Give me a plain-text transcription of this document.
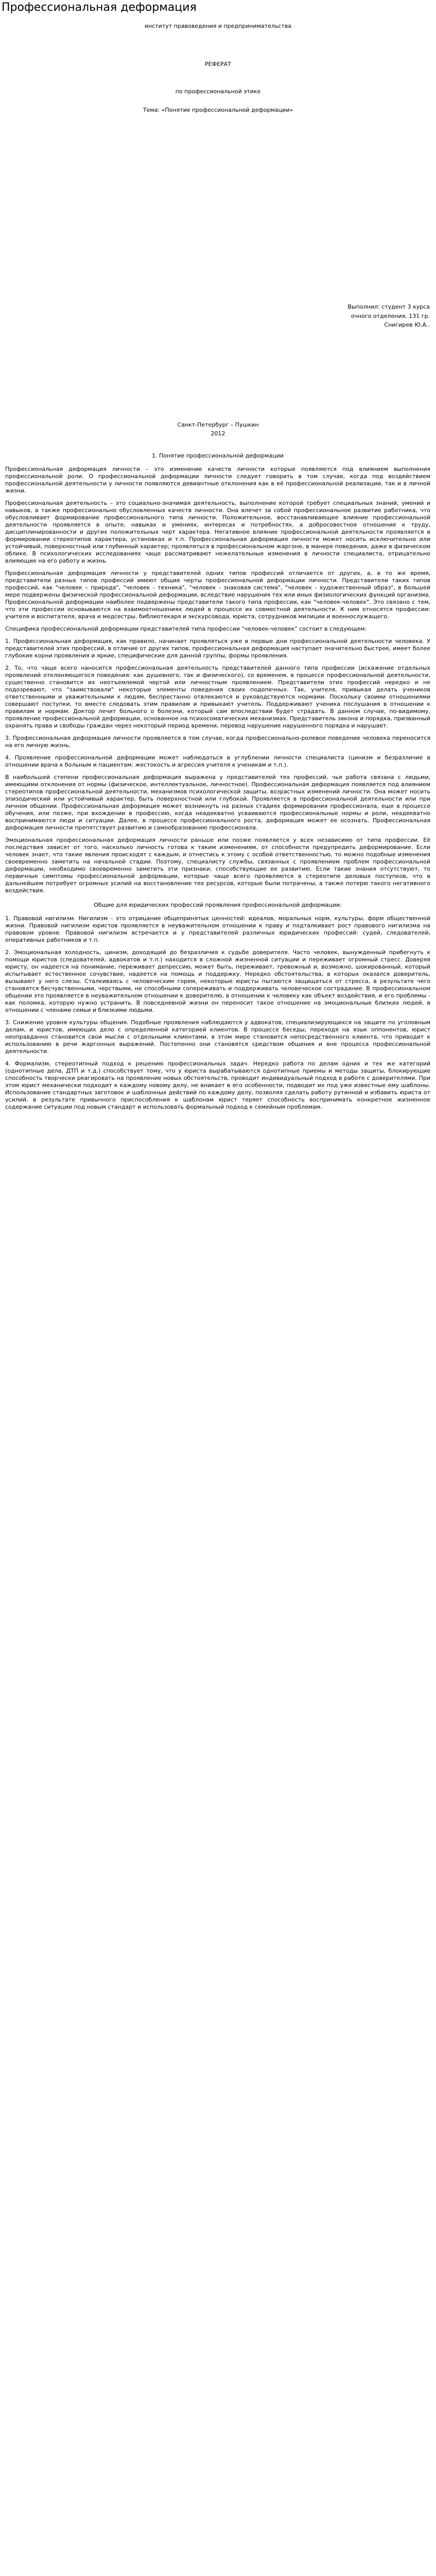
Профессиональная деформация
институт правоведения и предпринимательства
РЕФЕРАТ
по профессиональной этике
Тема: «Понятие профессиональной деформации»
Выполнил: студент 3 курса
очного отделения, 131 гр.
Снигирев Ю.А..
Санкт-Петербург – Пушкин
2012
1. Понятие профессиональной деформации

Профессиональная деформация личности – это изменение качеств личности которые появляются под влиянием выполнения профессиональной роли. О профессиональной деформации личности следует говорить в том случае, когда под воздействием профессиональной деятельности у личности появляются девиантные отклонения как в её профессиональной реализации, так и в личной жизни.

Профессиональная деятельность – это социально-значимая деятельность, выполнение которой требует специальных знаний, умений и навыков, а также профессионально обусловленных качеств личности. Она влечет за собой профессиональное развитие работника, что обусловливает формирование профессионального типа личности. Положительное, восстанавливающее влияние профессиональной деятельности проявляется в опыте, навыках и умениях, интересах и потребностях, а добросовестное отношение к труду, дисциплинированности и других положительных черт характера. Негативное влияние профессиональной деятельности проявляется в формировании стереотипов характера, установках и т.п. Профессиональная деформация личности может носить исключительно или устойчивый, поверхностный или глубинный характер; проявляться в профессиональном жаргоне, в манере поведения, даже в физическом облике. В психологических исследованиях чаще рассматривают нежелательные изменения в личности специалиста, отрицательно влияющие на его работу и жизнь.

Профессиональная деформация личности у представителей одних типов профессий отличается от других, а, в то же время, представители разных типов профессий имеют общие черты профессиональной деформации личности. Представители таких типов профессий, как "человек – природа", "человек - техника", "человек - знаковая система", "человек - художественный образ", в большей мере подвержены физической профессиональной деформации, вследствие нарушения тех или иных физиологических функций организма. Профессиональной деформации наиболее подвержены представители такого типа профессии, как "человек-человек". Это связано с тем, что эти профессии основываются на взаимоотношениях людей в процессе их совместной деятельности. К ним относятся профессии: учителя и воспитателя, врача и медсестры, библиотекаря и экскурсовода, юриста, сотрудников милиции и военнослужащего.

Специфика профессиональной деформации представителей типа профессии "человек-человек" состоит в следующем:

1. Профессиональная деформация, как правило, начинает проявляться уже в первые дни профессиональной деятельности человека. У представителей этих профессий, в отличие от других типов, профессиональная деформация наступает значительно быстрее, имеет более глубокие корни проявления и яркие, специфические для данной группы, формы проявления.

2. То, что чаще всего наносится профессиональная деятельность представителей данного типа профессии (искажение отдельных проявлений отклоняющегося поведения: как душевного, так и физического), со временем, в процессе профессиональной деятельности, существенно становится их неотъемлемой чертой или личностным проявлением. Представители этих профессий нередко и не подозревают, что "заимствовали" некоторые элементы поведения своих подопечных. Так, учителя, привыкая делать учеников ответственными и уважительными к людям, беспрестанно отвлекаются и руководствуются нормами. Поскольку своими отношениями совершают поступки, то вместе следовать этим правилам и привыкают учитель. Поддерживают ученика послушания в отношении к правилам и нормам. Доктор лечит больного о болезни, который сам впоследствии будет страдать. В данном случае, по-видимому, проявление профессиональной деформации, основанное на психосоматических механизмах. Представитель закона и порядка, призванный охранять права и свободы граждан через некоторый период времени, перевод нарушение нарушенного порядка и нарушает.

3. Профессиональная деформация личности проявляется в том случае, когда профессионально-ролевое поведение человека переносится на его личную жизнь.

4. Проявление профессиональной деформации может наблюдаться в углублении личности специалиста (цинизм и безразличие в отношении врача к больным и пациентам; жестокость и агрессия учителя к ученикам и т.п.).

В наибольшей степени профессиональная деформация выражена у представителей тех профессий, чья работа связана с людьми, имеющими отклонения от нормы (физическое, интеллектуальное, личностное). Профессиональная деформация появляется под влиянием стереотипов профессиональной деятельности, механизмов психологической защиты, возрастных изменений личности. Она может носить эпизодический или устойчивый характер, быть поверхностной или глубокой. Проявляется в профессиональной деятельности или при личном общении. Профессиональная деформация может возникнуть на разных стадиях формирования профессионала, еще в процессе обучения, или позже, при вхождении в профессию, когда неадекватно усваиваются профессиональные нормы и роли, неадекватно воспринимаются люди и ситуации. Далее, в процессе профессионального роста, деформация может ее осознать. Профессиональная деформация личности препятствует развитию и самообразованию профессионала.

Эмоциональная профессиональная деформация личности раньше или позже появляется у всех независимо от типа профессии. Её последствия зависят от того, насколько личность готова к таким изменениям, от способности предупредить деформирование. Если человек знает, что такие явления происходят с каждым, и отнестись к этому с особой ответственностью, то можно подобные изменения своевременно заметить на начальной стадии. Поэтому, специалисту службы, связанных с проявлением проблем профессиональной деформации, необходимо своевременно заметить эти признаки, способствующие ее развитию. Если такие знания отсутствуют, то первичные симптомы профессиональной деформации, которые чаще всего проявляются в стереотипе деловых поступков, что в дальнейшем потребует огромных усилий на восстановление тех ресурсов, которые были потрачены, а также потерю такого негативного воздействия.

Общие для юридических профессий проявления профессиональной деформации:

1. Правовой нигилизм. Нигилизм - это отрицание общепринятых ценностей: идеалов, моральных норм, культуры, форм общественной жизни. Правовой нигилизм юристов проявляется в неуважительном отношении к праву и подталкивает рост правового нигилизма на правовом уровне. Правовой нигилизм встречается и у представителей различных юридических профессий: судей, следователей, оперативных работников и т.п.

2. Эмоциональная холодность, цинизм, доходящий до безразличия к судьбе доверителя. Часто человек, вынужденный прибегнуть к помощи юристов (следователей, адвокатов и т.п.) находится в сложной жизненной ситуации и переживает огромный стресс. Доверяя юристу, он надеется на понимание, переживает депрессию, может быть, переживает, тревожный и, возможно, шокированный, который испытывает естественное сочувствие, надеется на помощь и поддержку. Нередко обстоятельства, в которых оказался доверитель, вызывают у него слезы. Сталкиваясь с человеческим горем, некоторые юристы пытаются защищаться от стресса, в результате чего становятся бесчувственными, черствыми, не способными сопереживать и поддерживать человеческое сострадание. В профессиональном общении это проявляется в неуважительном отношении к доверителю, в отношении к человеку как объект воздействия, и его проблемы - как поломка, которую нужно устранить. В повседневной жизни он переносит такое отношение на эмоциональные близких людей, в отношении с членами семьи и близкими людьми.

3. Снижение уровня культуры общения. Подобные проявления наблюдаются у адвокатов, специализирующихся на защите по уголовным делам, и юристов, имеющих дело с определенной категорией клиентов. В процессе беседы, переходя на язык оппонентов, юрист неоправданно становится свои мысли с отдельными клиентами, в этом мире становится непосредственного клиента, что приводит к использованию в речи жаргонных выражений. Постепенно они становятся средством общения и вне процесса профессиональной деятельности.

4. Формализм, стереотипный подход к решению профессиональных задач. Нередко работа по делам одних и тех же категорий (однотипные дела, ДТП и т.д.) способствует тому, что у юриста вырабатываются однотипные приемы и методы защиты, блокирующие способность творчески реагировать на проявление новых обстоятельств, проводит индивидуальный подход в работе с доверителями. При этом юрист механически подходит к каждому новому делу, не вникает в его особенности, подводит их под уже известные ему шаблоны. Использование стандартных заготовок и шаблонных действий по каждому делу, позволяя сделать работу рутинной и избавить юриста от усилий, в результате привычного приспособления к шаблонам юрист теряет способность воспринимать конкретное жизненное содержание ситуации под новым стандарт и использовать формальный подход к семейным проблемам.
